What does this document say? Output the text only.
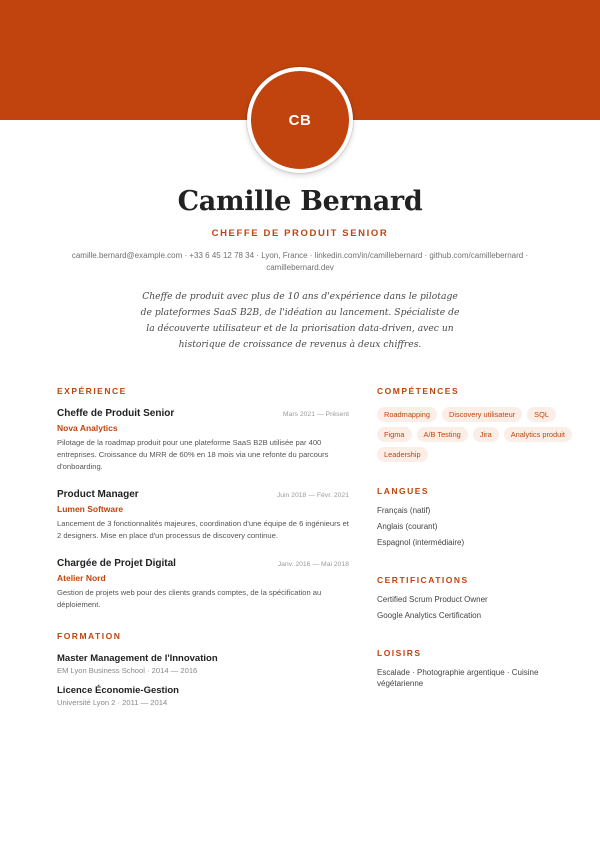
CB
Camille Bernard
CHEFFE DE PRODUIT SENIOR
camille.bernard@example.com · +33 6 45 12 78 34 · Lyon, France · linkedin.com/in/camillebernard · github.com/camillebernard · camillebernard.dev

Cheffe de produit avec plus de 10 ans d'expérience dans le pilotage de plateformes SaaS B2B, de l'idéation au lancement. Spécialiste de la découverte utilisateur et de la priorisation data-driven, avec un historique de croissance de revenus à deux chiffres.

EXPÉRIENCE
Cheffe de Produit Senior	Mars 2021 — Présent
Nova Analytics

Pilotage de la roadmap produit pour une plateforme SaaS B2B utilisée par 400 entreprises. Croissance du MRR de 60% en 18 mois via une refonte du parcours d'onboarding.

Product Manager	Juin 2018 — Févr. 2021
Lumen Software

Lancement de 3 fonctionnalités majeures, coordination d'une équipe de 6 ingénieurs et 2 designers. Mise en place d'un processus de discovery continue.

Chargée de Projet Digital	Janv. 2016 — Mai 2018
Atelier Nord

Gestion de projets web pour des clients grands comptes, de la spécification au déploiement.

FORMATION
Master Management de l'Innovation
EM Lyon Business School · 2014 — 2016
Licence Économie-Gestion
Université Lyon 2 · 2011 — 2014
COMPÉTENCES
Roadmapping	Discovery utilisateur	SQL
Figma	A/B Testing	Jira	Analytics produit
Leadership
LANGUES
Français (natif)
Anglais (courant)
Espagnol (intermédiaire)
CERTIFICATIONS
Certified Scrum Product Owner
Google Analytics Certification
LOISIRS

Escalade · Photographie argentique · Cuisine végétarienne
